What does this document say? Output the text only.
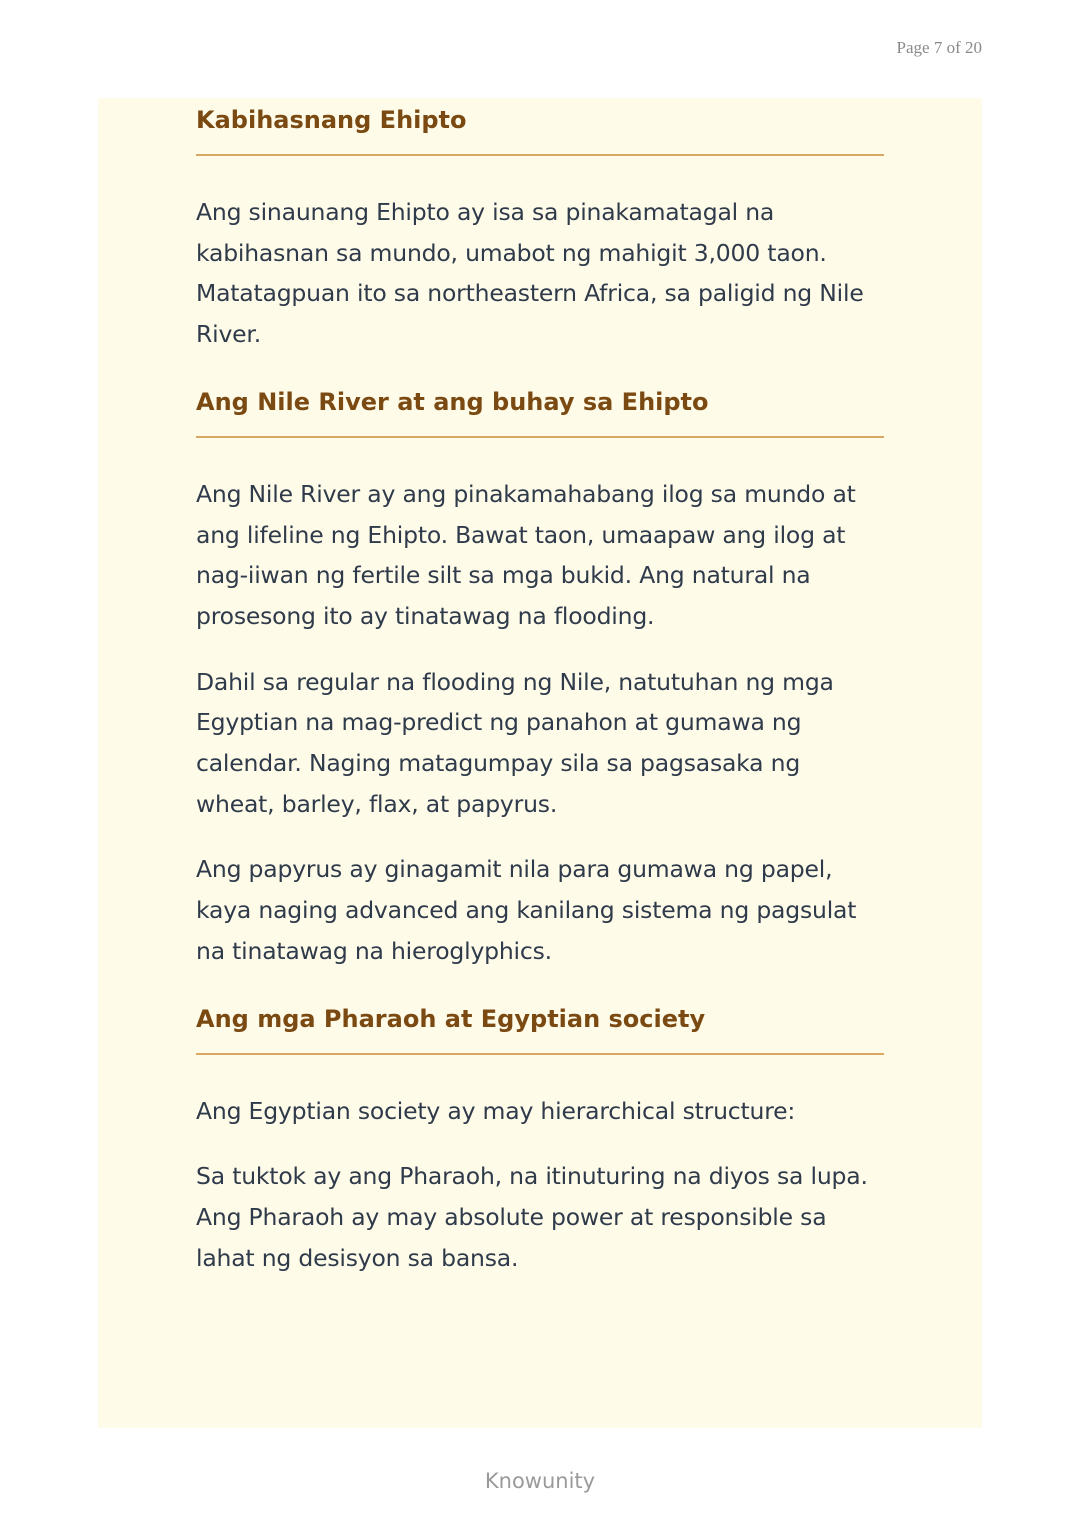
Page 7 of 20
Kabihasnang Ehipto

Ang sinaunang Ehipto ay isa sa pinakamatagal na kabihasnan sa mundo, umabot ng mahigit 3,000 taon. Matatagpuan ito sa northeastern Africa, sa paligid ng Nile River.

Ang Nile River at ang buhay sa Ehipto

Ang Nile River ay ang pinakamahabang ilog sa mundo at ang lifeline ng Ehipto. Bawat taon, umaapaw ang ilog at nag-iiwan ng fertile silt sa mga bukid. Ang natural na prosesong ito ay tinatawag na flooding.

Dahil sa regular na flooding ng Nile, natutuhan ng mga Egyptian na mag-predict ng panahon at gumawa ng calendar. Naging matagumpay sila sa pagsasaka ng wheat, barley, flax, at papyrus.

Ang papyrus ay ginagamit nila para gumawa ng papel, kaya naging advanced ang kanilang sistema ng pagsulat na tinatawag na hieroglyphics.

Ang mga Pharaoh at Egyptian society

Ang Egyptian society ay may hierarchical structure:

Sa tuktok ay ang Pharaoh, na itinuturing na diyos sa lupa. Ang Pharaoh ay may absolute power at responsible sa lahat ng desisyon sa bansa.

Knowunity
